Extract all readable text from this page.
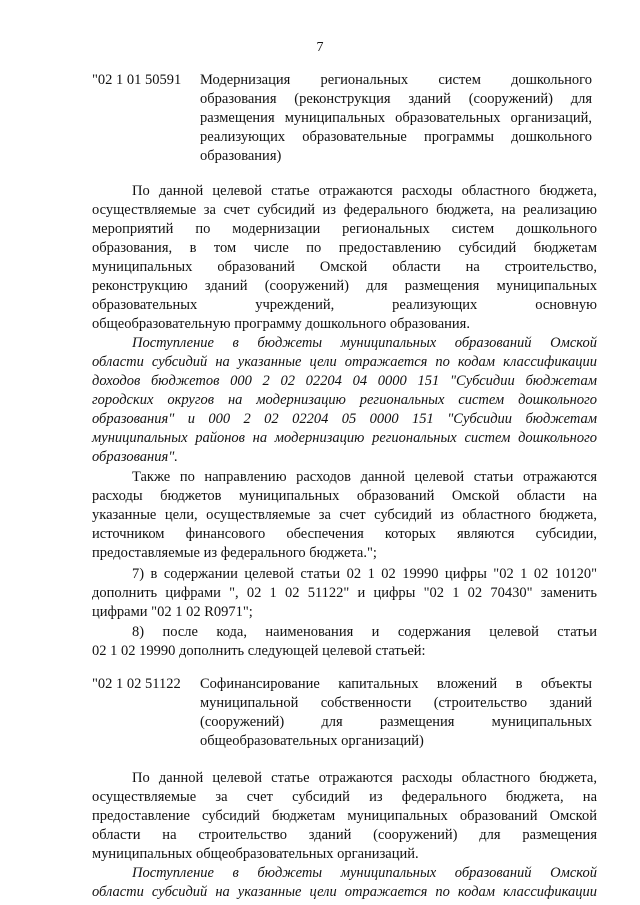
7
"02 1 01 50591 Модернизация региональных систем дошкольного
образования (реконструкция зданий (сооружений) для
размещения муниципальных образовательных организаций,
реализующих образовательные программы дошкольного
образования)
По данной целевой статье отражаются расходы областного бюджета,
осуществляемые за счет субсидий из федерального бюджета, на реализацию
мероприятий по модернизации региональных систем дошкольного
образования, в том числе по предоставлению субсидий бюджетам
муниципальных образований Омской области на строительство,
реконструкцию зданий (сооружений) для размещения муниципальных
образовательных учреждений, реализующих основную
общеобразовательную программу дошкольного образования.
Поступление в бюджеты муниципальных образований Омской
области субсидий на указанные цели отражается по кодам классификации
доходов бюджетов 000 2 02 02204 04 0000 151 "Субсидии бюджетам
городских округов на модернизацию региональных систем дошкольного
образования" и 000 2 02 02204 05 0000 151 "Субсидии бюджетам
муниципальных районов на модернизацию региональных систем дошкольного
образования".
Также по направлению расходов данной целевой статьи отражаются
расходы бюджетов муниципальных образований Омской области на
указанные цели, осуществляемые за счет субсидий из областного бюджета,
источником финансового обеспечения которых являются субсидии,
предоставляемые из федерального бюджета.";
7) в содержании целевой статьи 02 1 02 19990 цифры "02 1 02 10120"
дополнить цифрами ", 02 1 02 51122" и цифры "02 1 02 70430" заменить
цифрами "02 1 02 R0971";
8) после кода, наименования и содержания целевой статьи
02 1 02 19990 дополнить следующей целевой статьей:
"02 1 02 51122 Софинансирование капитальных вложений в объекты
муниципальной собственности (строительство зданий
(сооружений) для размещения муниципальных
общеобразовательных организаций)
По данной целевой статье отражаются расходы областного бюджета,
осуществляемые за счет субсидий из федерального бюджета, на
предоставление субсидий бюджетам муниципальных образований Омской
области на строительство зданий (сооружений) для размещения
муниципальных общеобразовательных организаций.
Поступление в бюджеты муниципальных образований Омской
области субсидий на указанные цели отражается по кодам классификации
